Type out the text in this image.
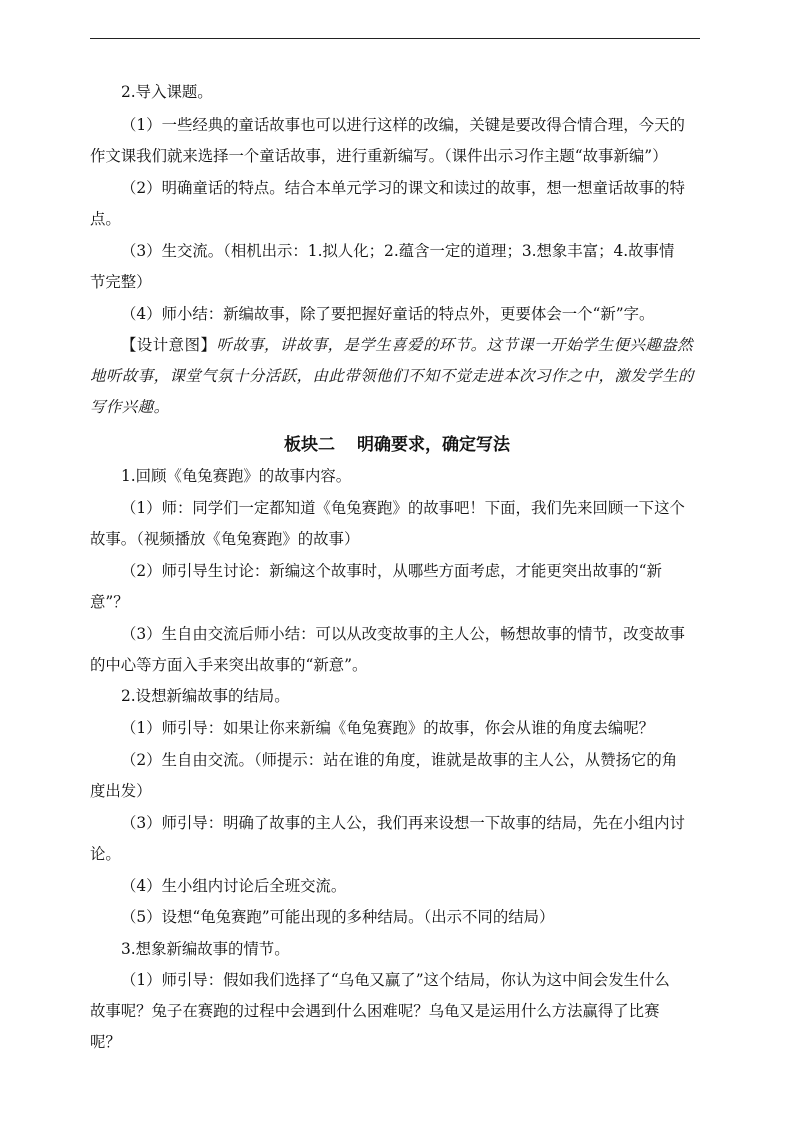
2.导入课题。
（1）一些经典的童话故事也可以进行这样的改编，关键是要改得合情合理，今天的
作文课我们就来选择一个童话故事，进行重新编写。（课件出示习作主题“故事新编”）
（2）明确童话的特点。结合本单元学习的课文和读过的故事，想一想童话故事的特
点。
（3）生交流。（相机出示：1.拟人化；2.蕴含一定的道理；3.想象丰富；4.故事情
节完整）
（4）师小结：新编故事，除了要把握好童话的特点外，更要体会一个“新”字。
【设计意图】听故事，讲故事，是学生喜爱的环节。这节课一开始学生便兴趣盎然
地听故事，课堂气氛十分活跃，由此带领他们不知不觉走进本次习作之中，激发学生的
写作兴趣。
板块二 明确要求，确定写法
1.回顾《龟兔赛跑》的故事内容。
（1）师：同学们一定都知道《龟兔赛跑》的故事吧！下面，我们先来回顾一下这个
故事。（视频播放《龟兔赛跑》的故事）
（2）师引导生讨论：新编这个故事时，从哪些方面考虑，才能更突出故事的“新
意”？
（3）生自由交流后师小结：可以从改变故事的主人公，畅想故事的情节，改变故事
的中心等方面入手来突出故事的“新意”。
2.设想新编故事的结局。
（1）师引导：如果让你来新编《龟兔赛跑》的故事，你会从谁的角度去编呢？
（2）生自由交流。（师提示：站在谁的角度，谁就是故事的主人公，从赞扬它的角
度出发）
（3）师引导：明确了故事的主人公，我们再来设想一下故事的结局，先在小组内讨
论。
（4）生小组内讨论后全班交流。
（5）设想“龟兔赛跑”可能出现的多种结局。（出示不同的结局）
3.想象新编故事的情节。
（1）师引导：假如我们选择了“乌龟又赢了”这个结局，你认为这中间会发生什么
故事呢？兔子在赛跑的过程中会遇到什么困难呢？乌龟又是运用什么方法赢得了比赛
呢？
